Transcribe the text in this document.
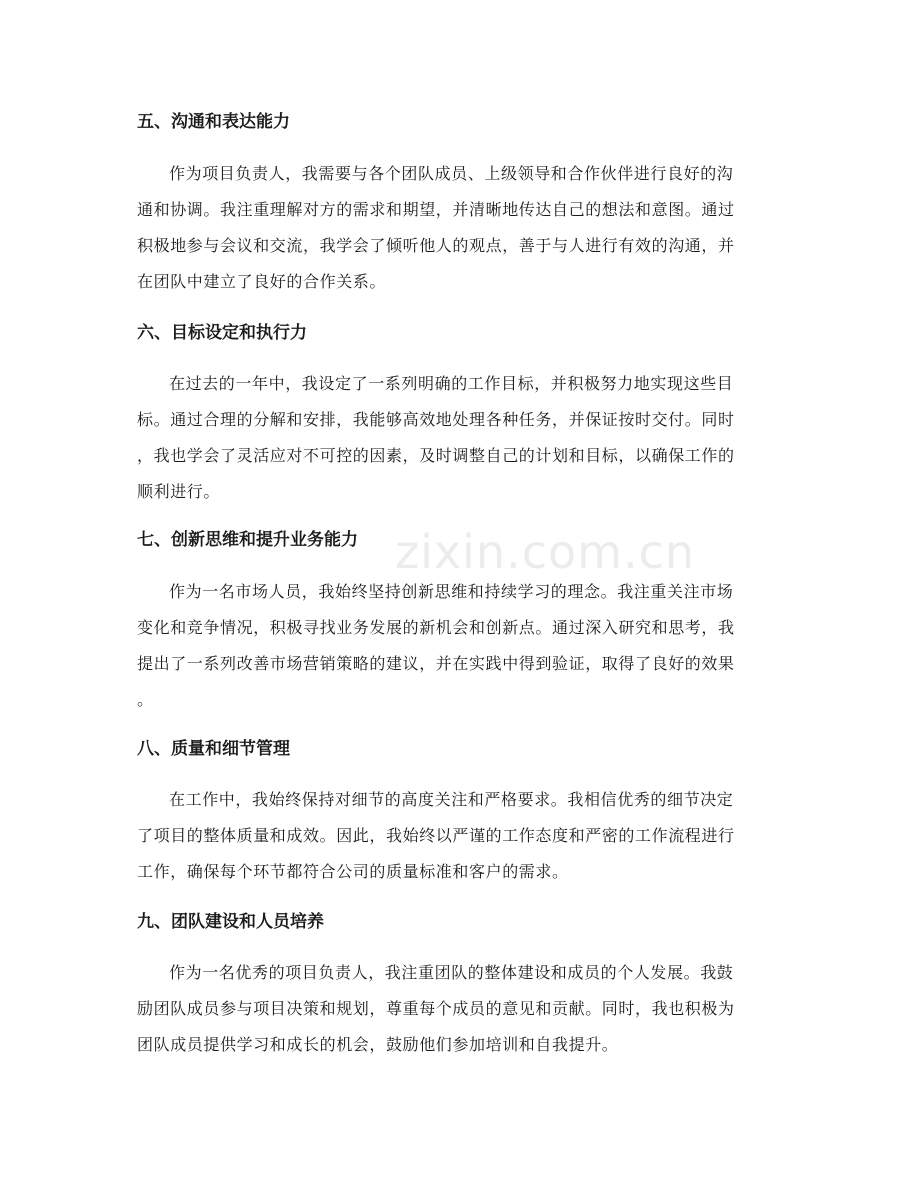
zixin.com.cn
五、沟通和表达能力

作为项目负责人，我需要与各个团队成员、上级领导和合作伙伴进行良好的沟
通和协调。我注重理解对方的需求和期望，并清晰地传达自己的想法和意图。通过
积极地参与会议和交流，我学会了倾听他人的观点，善于与人进行有效的沟通，并
在团队中建立了良好的合作关系。

六、目标设定和执行力

在过去的一年中，我设定了一系列明确的工作目标，并积极努力地实现这些目
标。通过合理的分解和安排，我能够高效地处理各种任务，并保证按时交付。同时
，我也学会了灵活应对不可控的因素，及时调整自己的计划和目标，以确保工作的
顺利进行。

七、创新思维和提升业务能力

作为一名市场人员，我始终坚持创新思维和持续学习的理念。我注重关注市场
变化和竞争情况，积极寻找业务发展的新机会和创新点。通过深入研究和思考，我
提出了一系列改善市场营销策略的建议，并在实践中得到验证，取得了良好的效果
。

八、质量和细节管理

在工作中，我始终保持对细节的高度关注和严格要求。我相信优秀的细节决定
了项目的整体质量和成效。因此，我始终以严谨的工作态度和严密的工作流程进行
工作，确保每个环节都符合公司的质量标准和客户的需求。

九、团队建设和人员培养

作为一名优秀的项目负责人，我注重团队的整体建设和成员的个人发展。我鼓
励团队成员参与项目决策和规划，尊重每个成员的意见和贡献。同时，我也积极为
团队成员提供学习和成长的机会，鼓励他们参加培训和自我提升。
